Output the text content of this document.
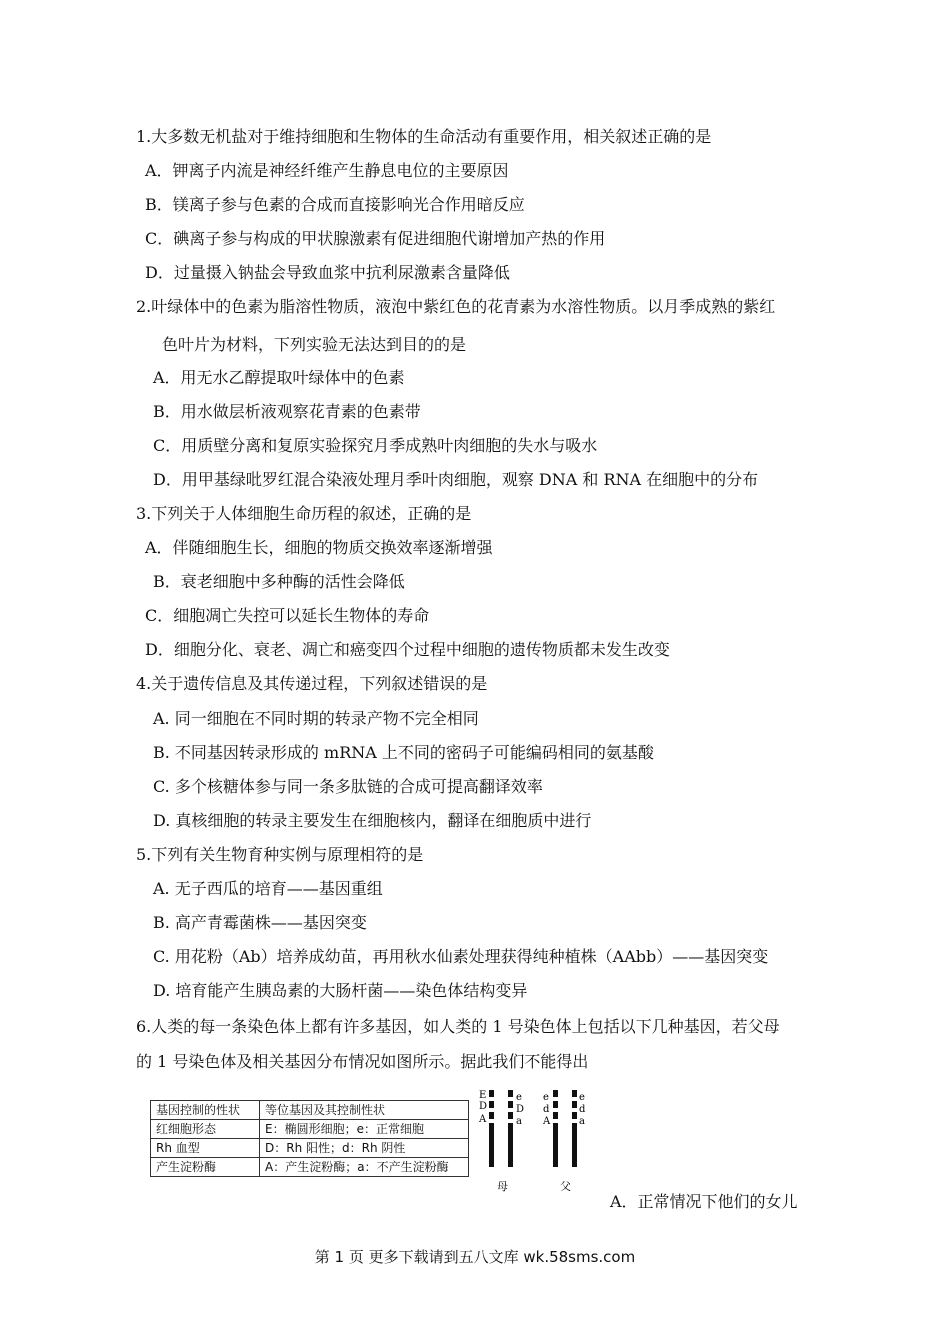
1.大多数无机盐对于维持细胞和生物体的生命活动有重要作用，相关叙述正确的是
A．钾离子内流是神经纤维产生静息电位的主要原因
B．镁离子参与色素的合成而直接影响光合作用暗反应
C．碘离子参与构成的甲状腺激素有促进细胞代谢增加产热的作用
D．过量摄入钠盐会导致血浆中抗利尿激素含量降低
2.叶绿体中的色素为脂溶性物质，液泡中紫红色的花青素为水溶性物质。以月季成熟的紫红
色叶片为材料，下列实验无法达到目的的是
A．用无水乙醇提取叶绿体中的色素
B．用水做层析液观察花青素的色素带
C．用质壁分离和复原实验探究月季成熟叶肉细胞的失水与吸水
D．用甲基绿吡罗红混合染液处理月季叶肉细胞，观察 DNA 和 RNA 在细胞中的分布
3.下列关于人体细胞生命历程的叙述，正确的是
A．伴随细胞生长，细胞的物质交换效率逐渐增强
B．衰老细胞中多种酶的活性会降低
C．细胞凋亡失控可以延长生物体的寿命
D．细胞分化、衰老、凋亡和癌变四个过程中细胞的遗传物质都未发生改变
4.关于遗传信息及其传递过程，下列叙述错误的是
A. 同一细胞在不同时期的转录产物不完全相同
B. 不同基因转录形成的 mRNA 上不同的密码子可能编码相同的氨基酸
C. 多个核糖体参与同一条多肽链的合成可提高翻译效率
D. 真核细胞的转录主要发生在细胞核内，翻译在细胞质中进行
5.下列有关生物育种实例与原理相符的是
A. 无子西瓜的培育——基因重组
B. 高产青霉菌株——基因突变
C. 用花粉（Ab）培养成幼苗，再用秋水仙素处理获得纯种植株（AAbb）——基因突变
D. 培育能产生胰岛素的大肠杆菌——染色体结构变异
6.人类的每一条染色体上都有许多基因，如人类的 1 号染色体上包括以下几种基因，若父母
的 1 号染色体及相关基因分布情况如图所示。据此我们不能得出
基因控制的性状	等位基因及其控制性状
红细胞形态	E：椭圆形细胞；e：正常细胞
Rh 血型	D：Rh 阳性；d：Rh 阴性
产生淀粉酶	A：产生淀粉酶；a：不产生淀粉酶
E
D
A
e
D
a
e
d
A
e
d
a
母	父
A．正常情况下他们的女儿
第 1 页 更多下载请到五八文库 wk.58sms.com
